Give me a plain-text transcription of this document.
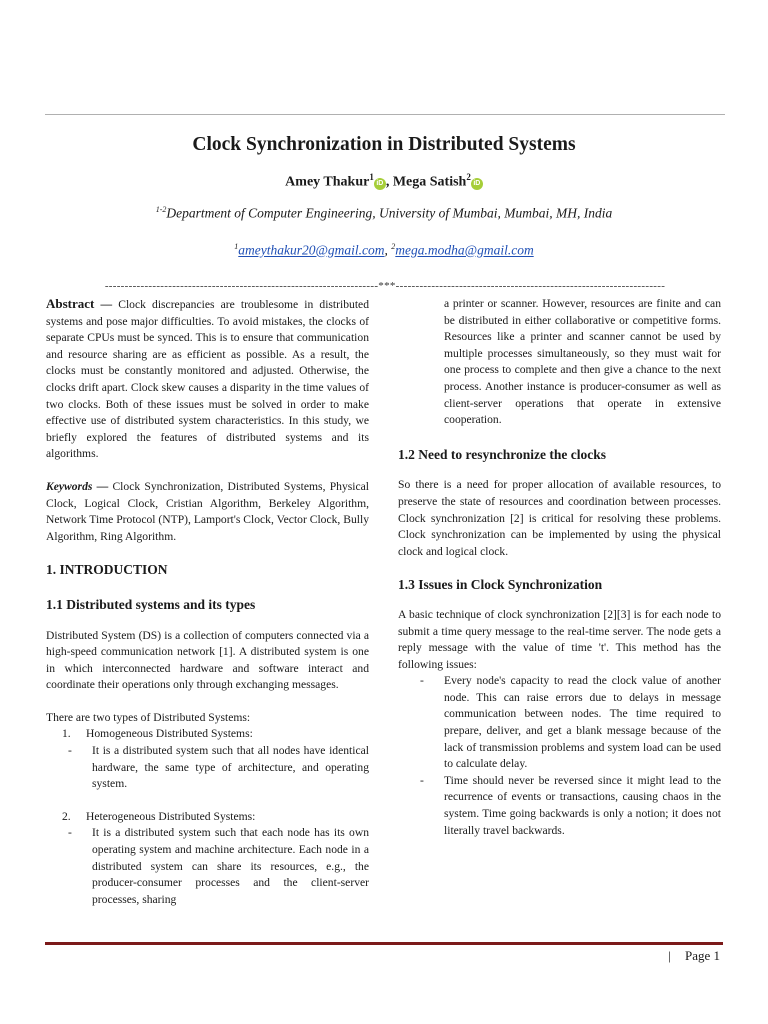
Clock Synchronization in Distributed Systems
Amey Thakur$^1$iD , Mega Satish$^2$iD
$^{1-2}$Department of Computer Engineering, University of Mumbai, Mumbai, MH, India
$^1$ameythakur20@gmail.com, $^2$mega.modha@gmail.com
---------------------------------------------------------------------***--------------------------------------------------------------------

Abstract — Clock discrepancies are troublesome in distributed systems and pose major difficulties. To avoid mistakes, the clocks of separate CPUs must be synced. This is to ensure that communication and resource sharing are as efficient as possible. As a result, the clocks must be constantly monitored and adjusted. Otherwise, the clocks drift apart. Clock skew causes a disparity in the time values of two clocks. Both of these issues must be solved in order to make effective use of distributed system characteristics. In this study, we briefly explored the features of distributed systems and its algorithms.

Keywords — Clock Synchronization, Distributed Systems, Physical Clock, Logical Clock, Cristian Algorithm, Berkeley Algorithm, Network Time Protocol (NTP), Lamport's Clock, Vector Clock, Bully Algorithm, Ring Algorithm.

1. INTRODUCTION

1.1 Distributed systems and its types

Distributed System (DS) is a collection of computers connected via a high-speed communication network [1]. A distributed system is one in which interconnected hardware and software interact and coordinate their operations only through exchanging messages.

There are two types of Distributed Systems:

1. Homogeneous Distributed Systems:
- It is a distributed system such that all nodes have identical hardware, the same type of architecture, and operating system.
2. Heterogeneous Distributed Systems:
- It is a distributed system such that each node has its own operating system and machine architecture. Each node in a distributed system can share its resources, e.g., the producer-consumer processes and the client-server processes, sharing

a printer or scanner. However, resources are finite and can be distributed in either collaborative or competitive forms. Resources like a printer and scanner cannot be used by multiple processes simultaneously, so they must wait for one process to complete and then give a chance to the next process. Another instance is producer-consumer as well as client-server operations that operate in extensive cooperation.

1.2 Need to resynchronize the clocks

So there is a need for proper allocation of available resources, to preserve the state of resources and coordination between processes. Clock synchronization [2] is critical for resolving these problems. Clock synchronization can be implemented by using the physical clock and logical clock.

1.3 Issues in Clock Synchronization

A basic technique of clock synchronization [2][3] is for each node to submit a time query message to the real-time server. The node gets a reply message with the value of time 't'. This method has the following issues:

- Every node's capacity to read the clock value of another node. This can raise errors due to delays in message communication between nodes. The time required to prepare, deliver, and get a blank message because of the lack of transmission problems and system load can be used to calculate delay.
- Time should never be reversed since it might lead to the recurrence of events or transactions, causing chaos in the system. Time going backwards is only a notion; it does not literally travel backwards.
| Page 1
